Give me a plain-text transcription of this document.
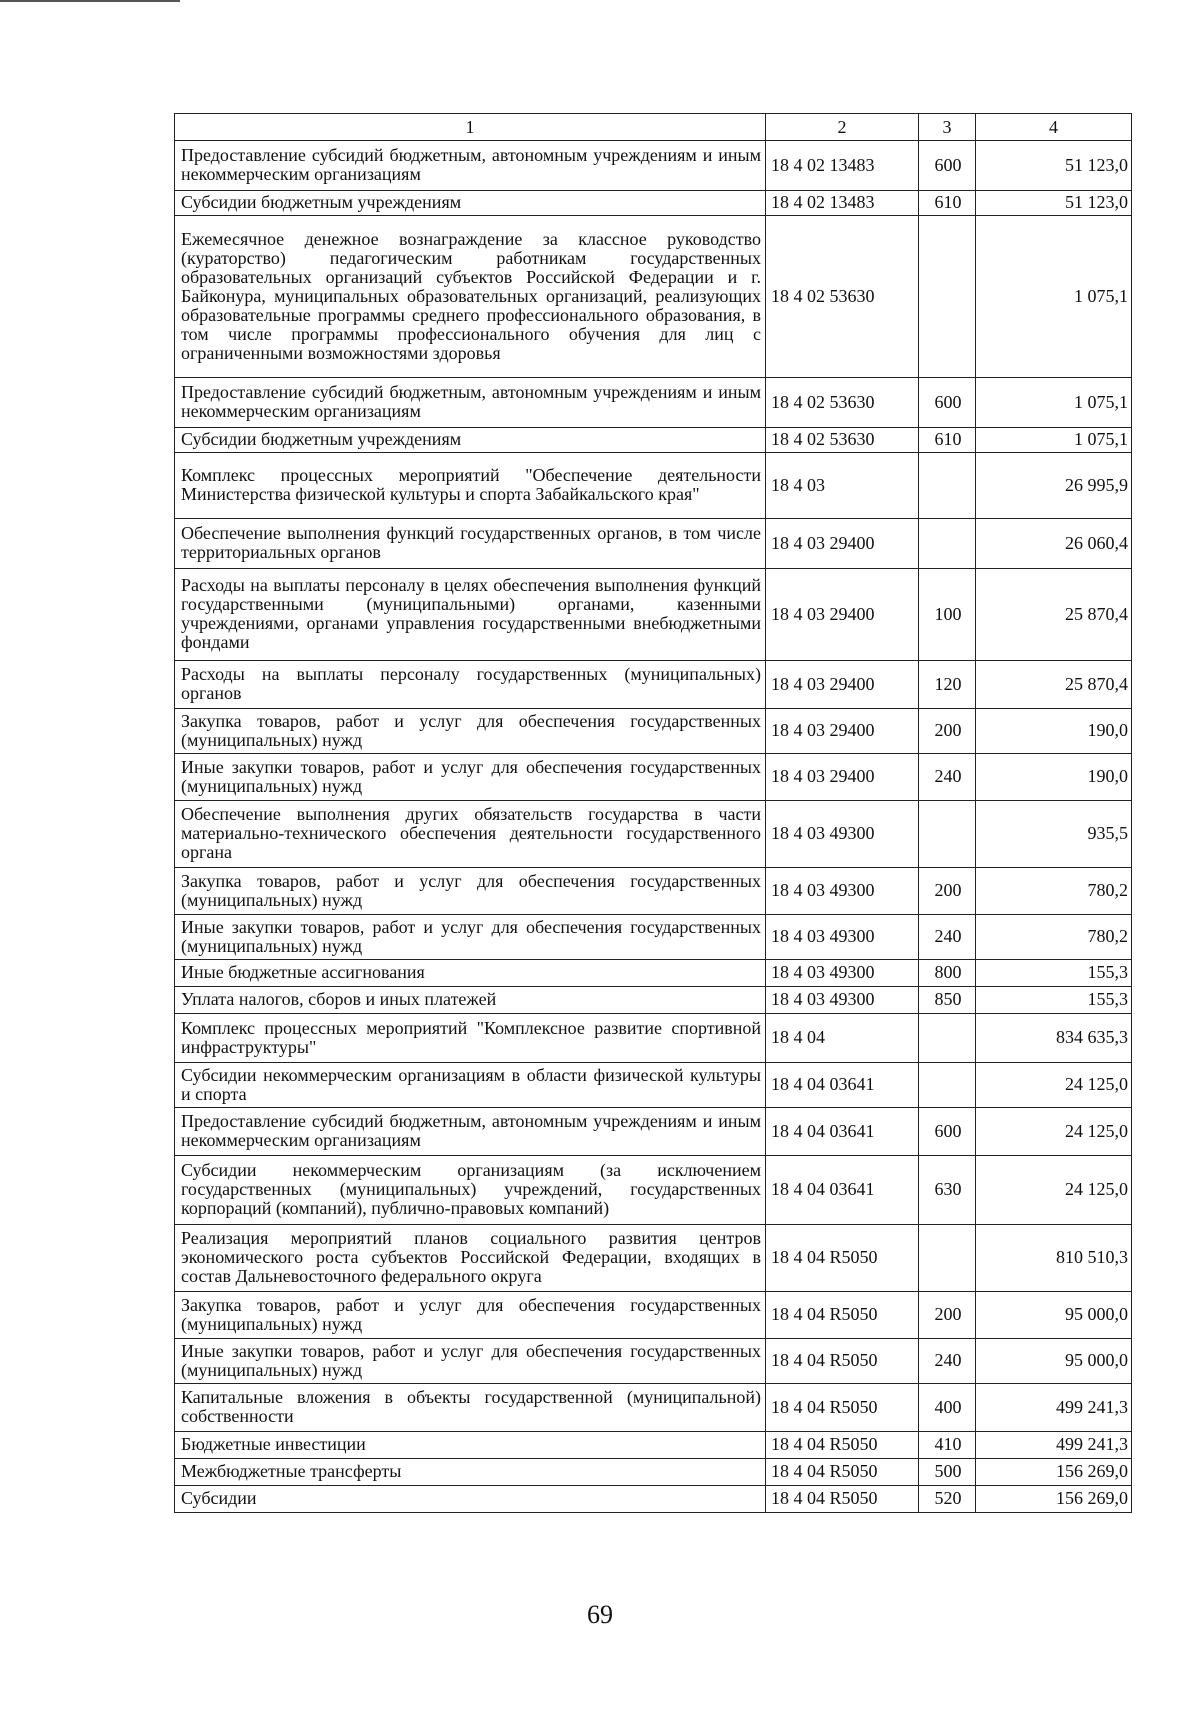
1	2	3	4
Предоставление субсидий бюджетным, автономным учреждениям и иным некоммерческим организациям	18 4 02 13483	600	51 123,0
Субсидии бюджетным учреждениям	18 4 02 13483	610	51 123,0
Ежемесячное денежное вознаграждение за классное руководство (кураторство) педагогическим работникам государственных образовательных организаций субъектов Российской Федерации и г. Байконура, муниципальных образовательных организаций, реализующих образовательные программы среднего профессионального образования, в том числе программы профессионального обучения для лиц с ограниченными возможностями здоровья	18 4 02 53630		1 075,1
Предоставление субсидий бюджетным, автономным учреждениям и иным некоммерческим организациям	18 4 02 53630	600	1 075,1
Субсидии бюджетным учреждениям	18 4 02 53630	610	1 075,1
Комплекс процессных мероприятий "Обеспечение деятельности Министерства физической культуры и спорта Забайкальского края"	18 4 03		26 995,9
Обеспечение выполнения функций государственных органов, в том числе территориальных органов	18 4 03 29400		26 060,4
Расходы на выплаты персоналу в целях обеспечения выполнения функций государственными (муниципальными) органами, казенными учреждениями, органами управления государственными внебюджетными фондами	18 4 03 29400	100	25 870,4
Расходы на выплаты персоналу государственных (муниципальных) органов	18 4 03 29400	120	25 870,4
Закупка товаров, работ и услуг для обеспечения государственных (муниципальных) нужд	18 4 03 29400	200	190,0
Иные закупки товаров, работ и услуг для обеспечения государственных (муниципальных) нужд	18 4 03 29400	240	190,0
Обеспечение выполнения других обязательств государства в части материально-технического обеспечения деятельности государственного органа	18 4 03 49300		935,5
Закупка товаров, работ и услуг для обеспечения государственных (муниципальных) нужд	18 4 03 49300	200	780,2
Иные закупки товаров, работ и услуг для обеспечения государственных (муниципальных) нужд	18 4 03 49300	240	780,2
Иные бюджетные ассигнования	18 4 03 49300	800	155,3
Уплата налогов, сборов и иных платежей	18 4 03 49300	850	155,3
Комплекс процессных мероприятий "Комплексное развитие спортивной инфраструктуры"	18 4 04		834 635,3
Субсидии некоммерческим организациям в области физической культуры и спорта	18 4 04 03641		24 125,0
Предоставление субсидий бюджетным, автономным учреждениям и иным некоммерческим организациям	18 4 04 03641	600	24 125,0
Субсидии некоммерческим организациям (за исключением государственных (муниципальных) учреждений, государственных корпораций (компаний), публично-правовых компаний)	18 4 04 03641	630	24 125,0
Реализация мероприятий планов социального развития центров экономического роста субъектов Российской Федерации, входящих в состав Дальневосточного федерального округа	18 4 04 R5050		810 510,3
Закупка товаров, работ и услуг для обеспечения государственных (муниципальных) нужд	18 4 04 R5050	200	95 000,0
Иные закупки товаров, работ и услуг для обеспечения государственных (муниципальных) нужд	18 4 04 R5050	240	95 000,0
Капитальные вложения в объекты государственной (муниципальной) собственности	18 4 04 R5050	400	499 241,3
Бюджетные инвестиции	18 4 04 R5050	410	499 241,3
Межбюджетные трансферты	18 4 04 R5050	500	156 269,0
Субсидии	18 4 04 R5050	520	156 269,0
69
